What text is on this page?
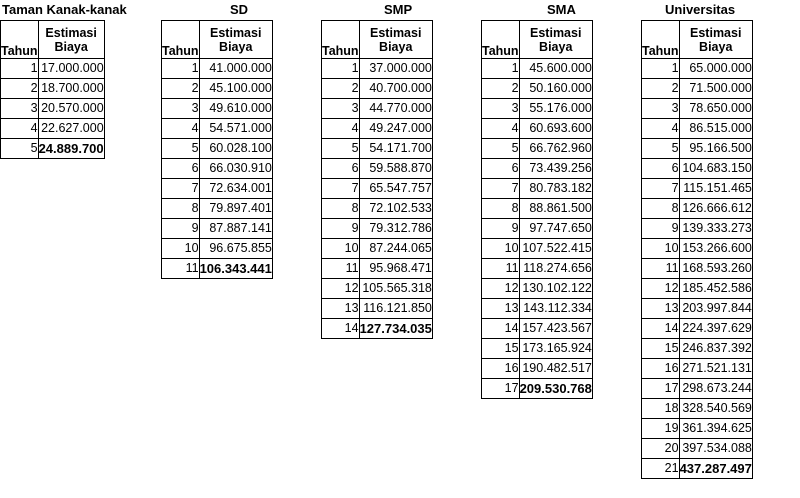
Taman Kanak-kanak
Tahun	Estimasi
Biaya
1	17.000.000
2	18.700.000
3	20.570.000
4	22.627.000
5	24.889.700
SD
Tahun	Estimasi
Biaya
1	41.000.000
2	45.100.000
3	49.610.000
4	54.571.000
5	60.028.100
6	66.030.910
7	72.634.001
8	79.897.401
9	87.887.141
10	96.675.855
11	106.343.441
SMP
Tahun	Estimasi
Biaya
1	37.000.000
2	40.700.000
3	44.770.000
4	49.247.000
5	54.171.700
6	59.588.870
7	65.547.757
8	72.102.533
9	79.312.786
10	87.244.065
11	95.968.471
12	105.565.318
13	116.121.850
14	127.734.035
SMA
Tahun	Estimasi
Biaya
1	45.600.000
2	50.160.000
3	55.176.000
4	60.693.600
5	66.762.960
6	73.439.256
7	80.783.182
8	88.861.500
9	97.747.650
10	107.522.415
11	118.274.656
12	130.102.122
13	143.112.334
14	157.423.567
15	173.165.924
16	190.482.517
17	209.530.768
Universitas
Tahun	Estimasi
Biaya
1	65.000.000
2	71.500.000
3	78.650.000
4	86.515.000
5	95.166.500
6	104.683.150
7	115.151.465
8	126.666.612
9	139.333.273
10	153.266.600
11	168.593.260
12	185.452.586
13	203.997.844
14	224.397.629
15	246.837.392
16	271.521.131
17	298.673.244
18	328.540.569
19	361.394.625
20	397.534.088
21	437.287.497
